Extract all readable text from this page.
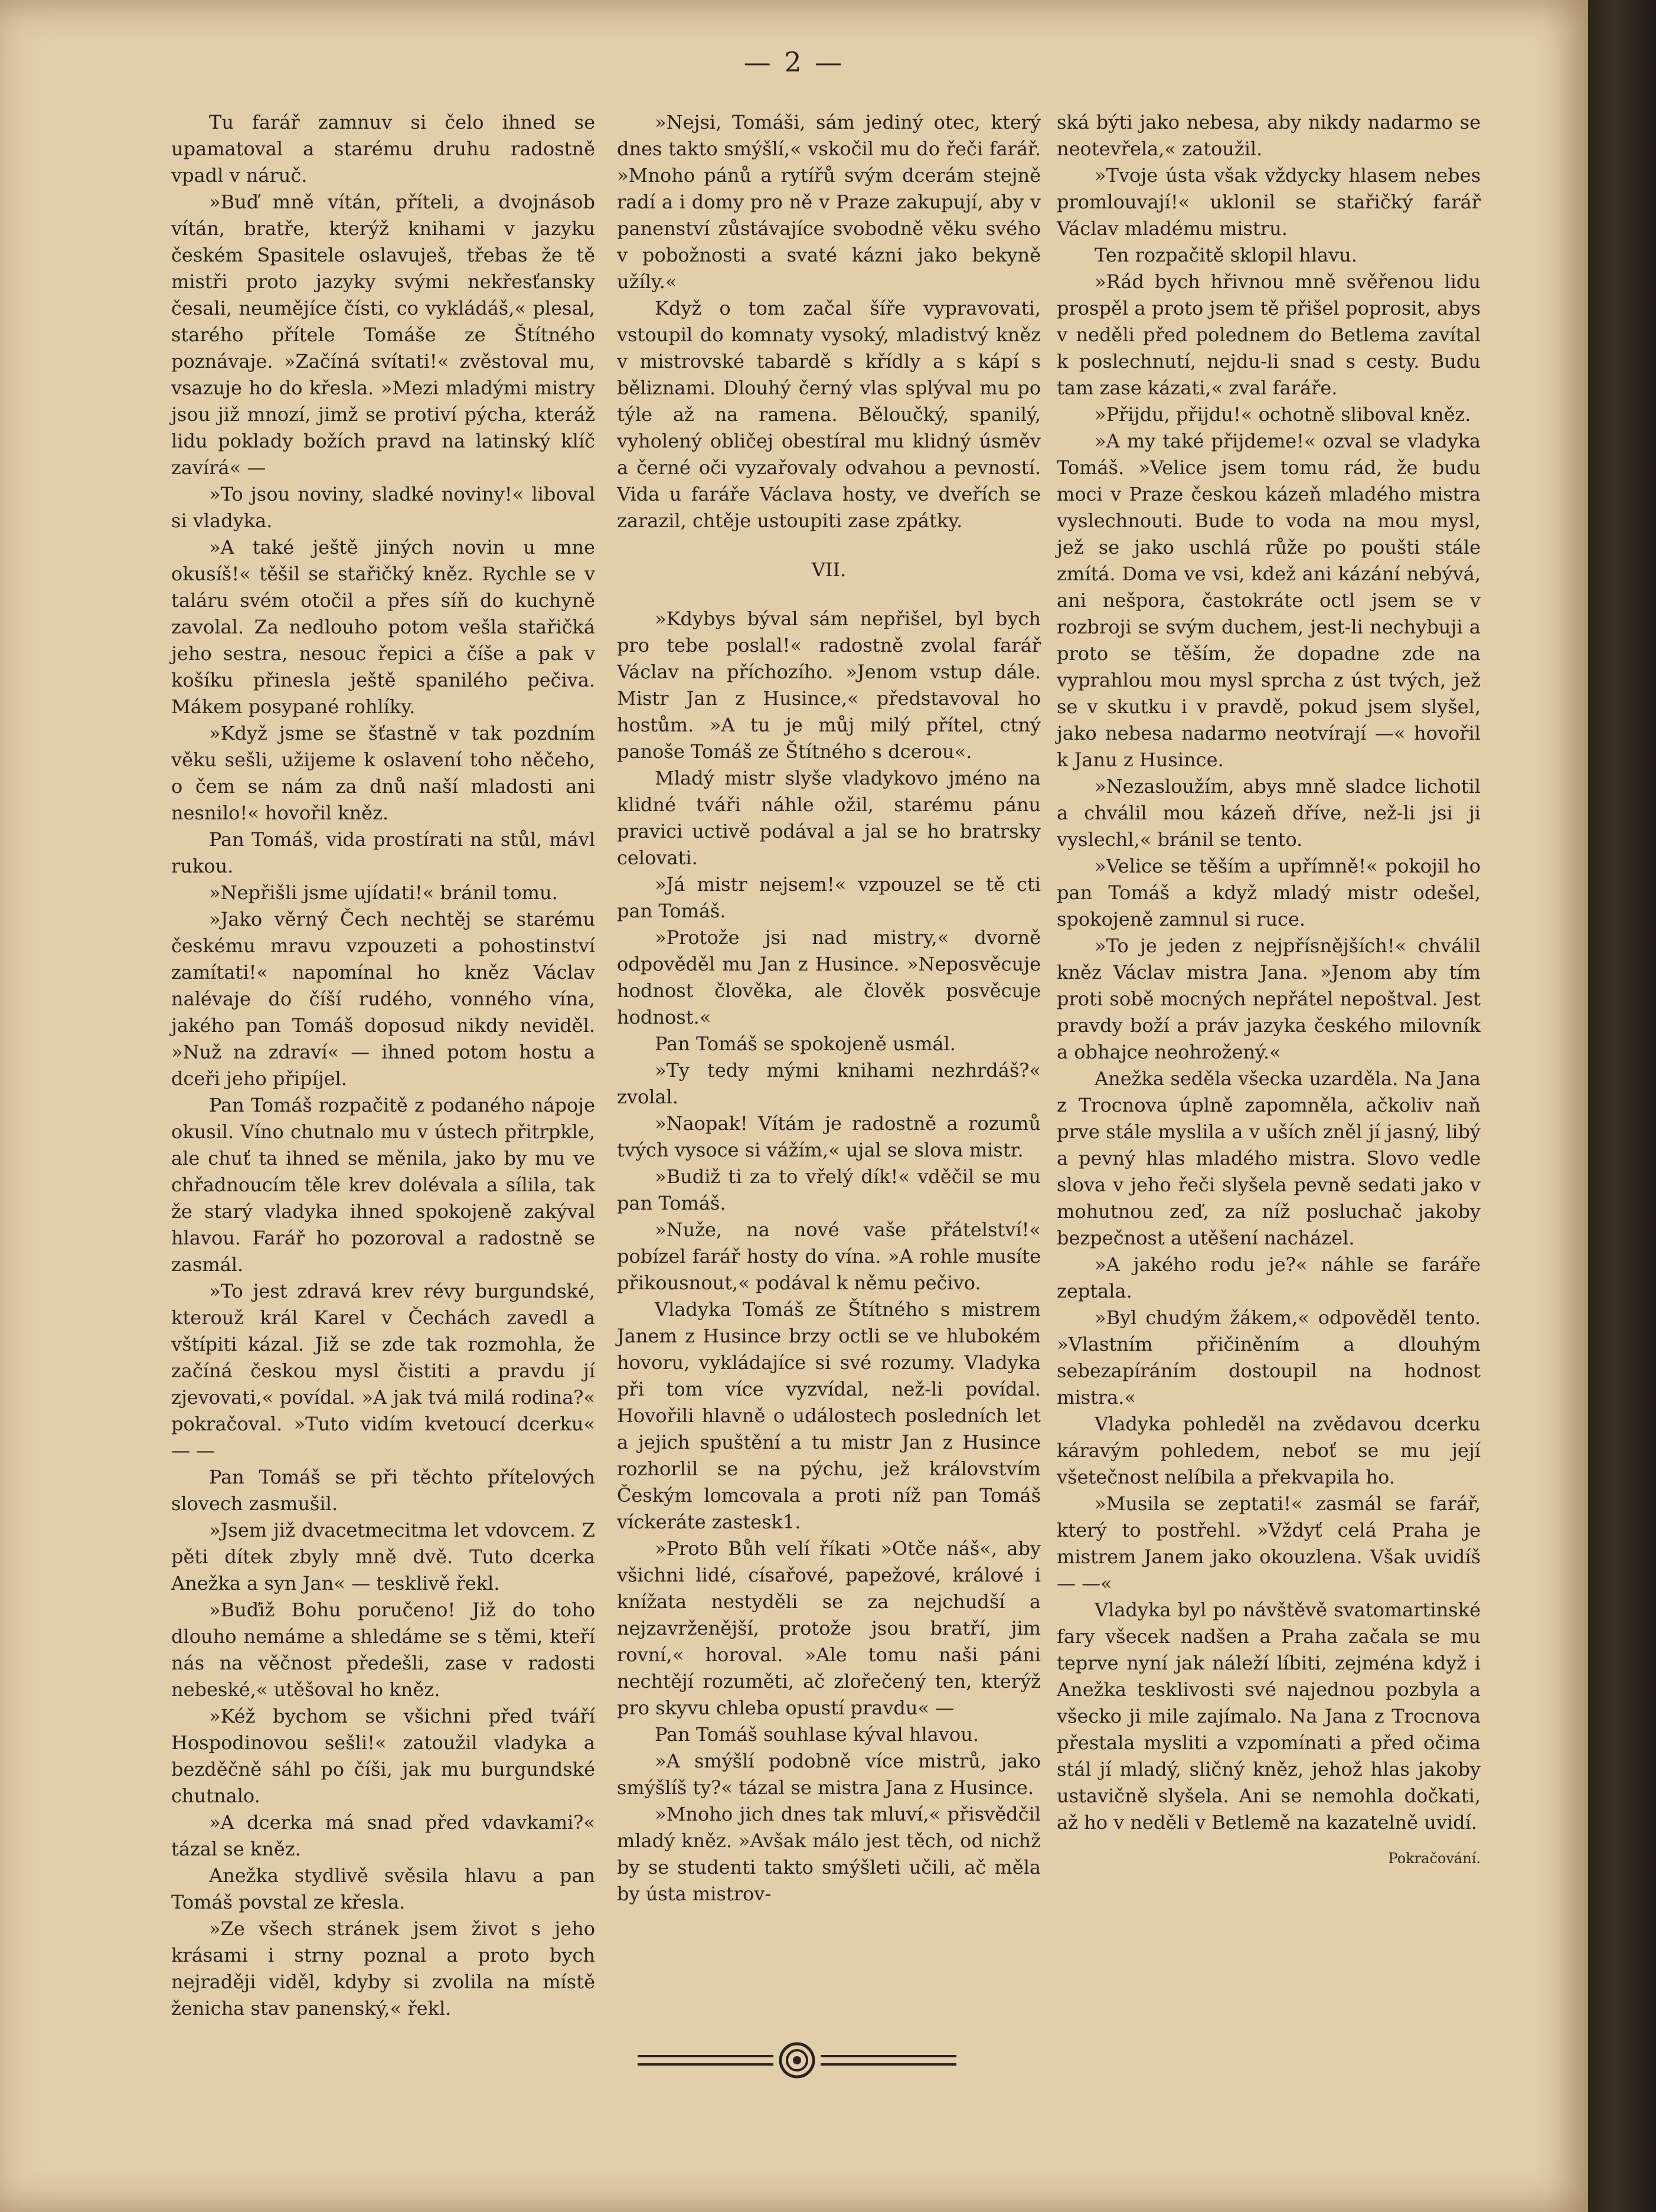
— 2 —

Tu farář zamnuv si čelo ihned se upamatoval a starému druhu radostně vpadl v náruč.

»Buď mně vítán, příteli, a dvojnásob vítán, bratře, kterýž knihami v jazyku českém Spasitele oslavuješ, třebas že tě mistři proto jazyky svými nekřesťansky česali, neumějíce čísti, co vykládáš,« plesal, starého přítele Tomáše ze Štítného poznávaje. »Začíná svítati!« zvěstoval mu, vsazuje ho do křesla. »Mezi mladými mistry jsou již mnozí, jimž se protiví pýcha, kteráž lidu poklady božích pravd na latinský klíč zavírá« —

»To jsou noviny, sladké noviny!« liboval si vladyka.

»A také ještě jiných novin u mne okusíš!« těšil se stařičký kněz. Rychle se v taláru svém otočil a přes síň do kuchyně zavolal. Za nedlouho potom vešla stařičká jeho sestra, nesouc řepici a číše a pak v košíku přinesla ještě spanilého pečiva. Mákem posypané rohlíky.

»Když jsme se šťastně v tak pozdním věku sešli, užijeme k oslavení toho něčeho, o čem se nám za dnů naší mladosti ani nesnilo!« hovořil kněz.

Pan Tomáš, vida prostírati na stůl, mávl rukou.

»Nepřišli jsme ujídati!« bránil tomu.

»Jako věrný Čech nechtěj se starému českému mravu vzpouzeti a pohostinství zamítati!« napomínal ho kněz Václav nalévaje do číší rudého, vonného vína, jakého pan Tomáš doposud nikdy neviděl. »Nuž na zdraví« — ihned potom hostu a dceři jeho připíjel.

Pan Tomáš rozpačitě z podaného nápoje okusil. Víno chutnalo mu v ústech přitrpkle, ale chuť ta ihned se měnila, jako by mu ve chřadnoucím těle krev dolévala a sílila, tak že starý vladyka ihned spokojeně zakýval hlavou. Farář ho pozoroval a radostně se zasmál.

»To jest zdravá krev révy burgundské, kterouž král Karel v Čechách zavedl a vštípiti kázal. Již se zde tak rozmohla, že začíná českou mysl čistiti a pravdu jí zjevovati,« povídal. »A jak tvá milá rodina?« pokračoval. »Tuto vidím kvetoucí dcerku« — —

Pan Tomáš se při těchto přítelových slovech zasmušil.

»Jsem již dvacetmecitma let vdovcem. Z pěti dítek zbyly mně dvě. Tuto dcerka Anežka a syn Jan« — tesklivě řekl.

»Buďiž Bohu poručeno! Již do toho dlouho nemáme a shledáme se s těmi, kteří nás na věčnost předešli, zase v radosti nebeské,« utěšoval ho kněz.

»Kéž bychom se všichni před tváří Hospodinovou sešli!« zatoužil vladyka a bezděčně sáhl po číši, jak mu burgundské chutnalo.

»A dcerka má snad před vdavkami?« tázal se kněz.

Anežka stydlivě svěsila hlavu a pan Tomáš povstal ze křesla.

»Ze všech stránek jsem život s jeho krásami i strny poznal a proto bych nejraději viděl, kdyby si zvolila na místě ženicha stav panenský,« řekl.

»Nejsi, Tomáši, sám jediný otec, který dnes takto smýšlí,« vskočil mu do řeči farář. »Mnoho pánů a rytířů svým dcerám stejně radí a i domy pro ně v Praze zakupují, aby v panenství zůstávajíce svobodně věku svého v pobožnosti a svaté kázni jako bekyně užíly.«

Když o tom začal šíře vypravovati, vstoupil do komnaty vysoký, mladistvý kněz v mistrovské tabardě s křídly a s kápí s běliznami. Dlouhý černý vlas splýval mu po týle až na ramena. Běloučký, spanilý, vyholený obličej obestíral mu klidný úsměv a černé oči vyzařovaly odvahou a pevností. Vida u faráře Václava hosty, ve dveřích se zarazil, chtěje ustoupiti zase zpátky.

VII.

»Kdybys býval sám nepřišel, byl bych pro tebe poslal!« radostně zvolal farář Václav na příchozího. »Jenom vstup dále. Mistr Jan z Husince,« představoval ho hostům. »A tu je můj milý přítel, ctný panoše Tomáš ze Štítného s dcerou«.

Mladý mistr slyše vladykovo jméno na klidné tváři náhle ožil, starému pánu pravici uctivě podával a jal se ho bratrsky celovati.

»Já mistr nejsem!« vzpouzel se tě cti pan Tomáš.

»Protože jsi nad mistry,« dvorně odpověděl mu Jan z Husince. »Neposvěcuje hodnost člověka, ale člověk posvěcuje hodnost.«

Pan Tomáš se spokojeně usmál.

»Ty tedy mými knihami nezhrdáš?« zvolal.

»Naopak! Vítám je radostně a rozumů tvých vysoce si vážím,« ujal se slova mistr.

»Budiž ti za to vřelý dík!« vděčil se mu pan Tomáš.

»Nuže, na nové vaše přátelství!« pobízel farář hosty do vína. »A rohle musíte přikousnout,« podával k němu pečivo.

Vladyka Tomáš ze Štítného s mistrem Janem z Husince brzy octli se ve hlubokém hovoru, vykládajíce si své rozumy. Vladyka při tom více vyzvídal, než-li povídal. Hovořili hlavně o událostech posledních let a jejich spuštění a tu mistr Jan z Husince rozhorlil se na pýchu, jež královstvím Českým lomcovala a proti níž pan Tomáš víckeráte zastesk1.

»Proto Bůh velí říkati »Otče náš«, aby všichni lidé, císařové, papežové, králové i knížata nestyděli se za nejchudší a nejzavrženější, protože jsou bratří, jim rovní,« horoval. »Ale tomu naši páni nechtějí rozuměti, ač zlořečený ten, kterýž pro skyvu chleba opustí pravdu« —

Pan Tomáš souhlase kýval hlavou.

»A smýšlí podobně více mistrů, jako smýšlíš ty?« tázal se mistra Jana z Husince.

»Mnoho jich dnes tak mluví,« přisvědčil mladý kněz. »Avšak málo jest těch, od nichž by se studenti takto smýšleti učili, ač měla by ústa mistrov-

ská býti jako nebesa, aby nikdy nadarmo se neotevřela,« zatoužil.

»Tvoje ústa však vždycky hlasem nebes promlouvají!« uklonil se stařičký farář Václav mladému mistru.

Ten rozpačitě sklopil hlavu.

»Rád bych hřivnou mně svěřenou lidu prospěl a proto jsem tě přišel poprosit, abys v neděli před polednem do Betlema zavítal k poslechnutí, nejdu-li snad s cesty. Budu tam zase kázati,« zval faráře.

»Přijdu, přijdu!« ochotně sliboval kněz.

»A my také přijdeme!« ozval se vladyka Tomáš. »Velice jsem tomu rád, že budu moci v Praze českou kázeň mladého mistra vyslechnouti. Bude to voda na mou mysl, jež se jako uschlá růže po poušti stále zmítá. Doma ve vsi, kdež ani kázání nebývá, ani nešpora, častokráte octl jsem se v rozbroji se svým duchem, jest-li nechybuji a proto se těším, že dopadne zde na vyprahlou mou mysl sprcha z úst tvých, jež se v skutku i v pravdě, pokud jsem slyšel, jako nebesa nadarmo neotvírají —« hovořil k Janu z Husince.

»Nezasloužím, abys mně sladce lichotil a chválil mou kázeň dříve, než-li jsi ji vyslechl,« bránil se tento.

»Velice se těším a upřímně!« pokojil ho pan Tomáš a když mladý mistr odešel, spokojeně zamnul si ruce.

»To je jeden z nejpřísnějších!« chválil kněz Václav mistra Jana. »Jenom aby tím proti sobě mocných nepřátel nepoštval. Jest pravdy boží a práv jazyka českého milovník a obhajce neohrožený.«

Anežka seděla všecka uzarděla. Na Jana z Trocnova úplně zapomněla, ačkoliv naň prve stále myslila a v uších zněl jí jasný, libý a pevný hlas mladého mistra. Slovo vedle slova v jeho řeči slyšela pevně sedati jako v mohutnou zeď, za níž posluchač jakoby bezpečnost a utěšení nacházel.

»A jakého rodu je?« náhle se faráře zeptala.

»Byl chudým žákem,« odpověděl tento. »Vlastním přičiněním a dlouhým sebezapíráním dostoupil na hodnost mistra.«

Vladyka pohleděl na zvědavou dcerku káravým pohledem, neboť se mu její všetečnost nelíbila a překvapila ho.

»Musila se zeptati!« zasmál se farář, který to postřehl. »Vždyť celá Praha je mistrem Janem jako okouzlena. Však uvidíš — —«

Vladyka byl po návštěvě svatomartinské fary všecek nadšen a Praha začala se mu teprve nyní jak náleží líbiti, zejména když i Anežka tesklivosti své najednou pozbyla a všecko ji mile zajímalo. Na Jana z Trocnova přestala mysliti a vzpomínati a před očima stál jí mladý, sličný kněz, jehož hlas jakoby ustavičně slyšela. Ani se nemohla dočkati, až ho v neděli v Betlemě na kazatelně uvidí.

Pokračování.
